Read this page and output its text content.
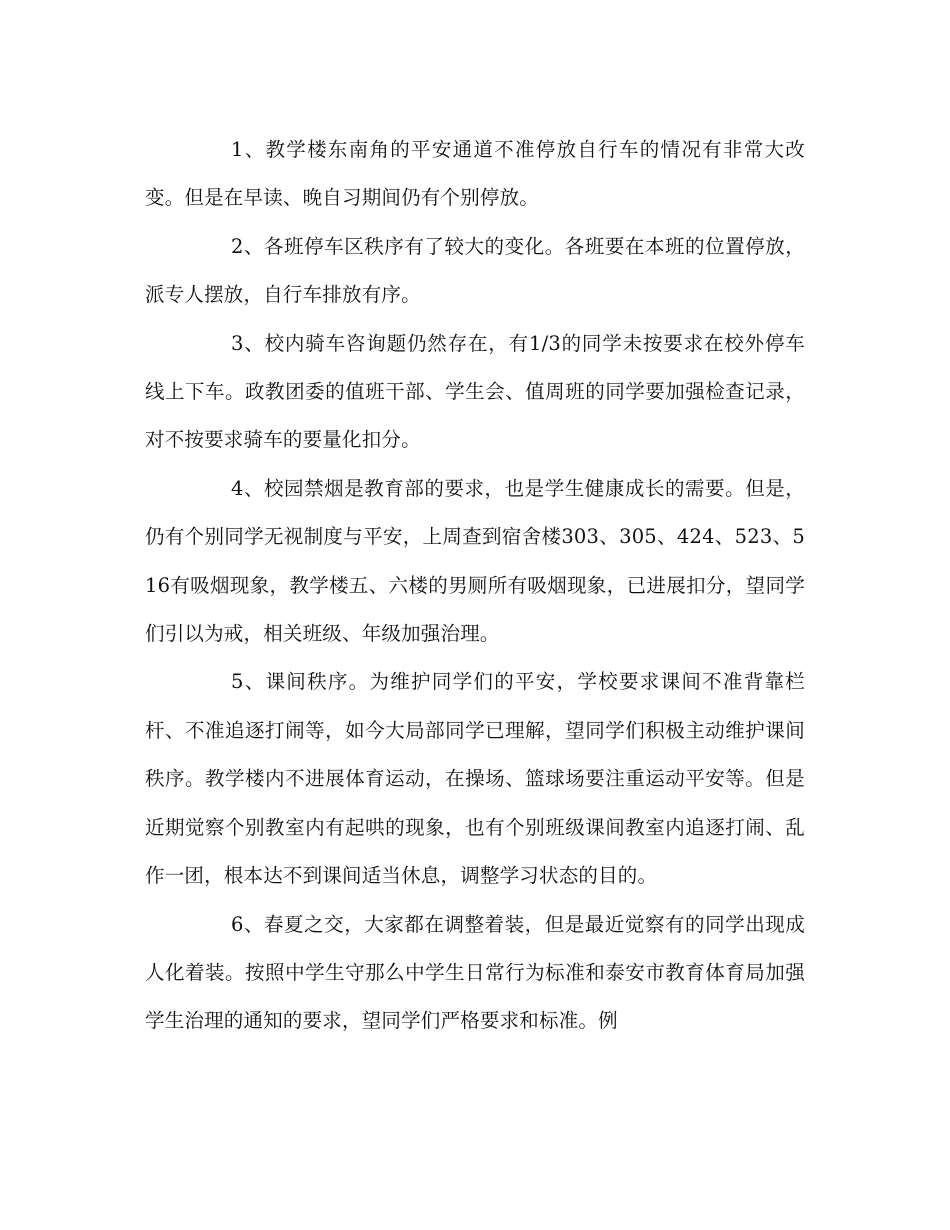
1、教学楼东南角的平安通道不准停放自行车的情况有非常大改变。但是在早读、晚自习期间仍有个别停放。

2、各班停车区秩序有了较大的变化。各班要在本班的位置停放，派专人摆放，自行车排放有序。

3、校内骑车咨询题仍然存在，有1/3的同学未按要求在校外停车线上下车。政教团委的值班干部、学生会、值周班的同学要加强检查记录，对不按要求骑车的要量化扣分。

4、校园禁烟是教育部的要求，也是学生健康成长的需要。但是，仍有个别同学无视制度与平安，上周查到宿舍楼303、305、424、523、516有吸烟现象，教学楼五、六楼的男厕所有吸烟现象，已进展扣分，望同学们引以为戒，相关班级、年级加强治理。

5、课间秩序。为维护同学们的平安，学校要求课间不准背靠栏杆、不准追逐打闹等，如今大局部同学已理解，望同学们积极主动维护课间秩序。教学楼内不进展体育运动，在操场、篮球场要注重运动平安等。但是近期觉察个别教室内有起哄的现象，也有个别班级课间教室内追逐打闹、乱作一团，根本达不到课间适当休息，调整学习状态的目的。

6、春夏之交，大家都在调整着装，但是最近觉察有的同学出现成人化着装。按照中学生守那么中学生日常行为标准和泰安市教育体育局加强学生治理的通知的要求，望同学们严格要求和标准。例
